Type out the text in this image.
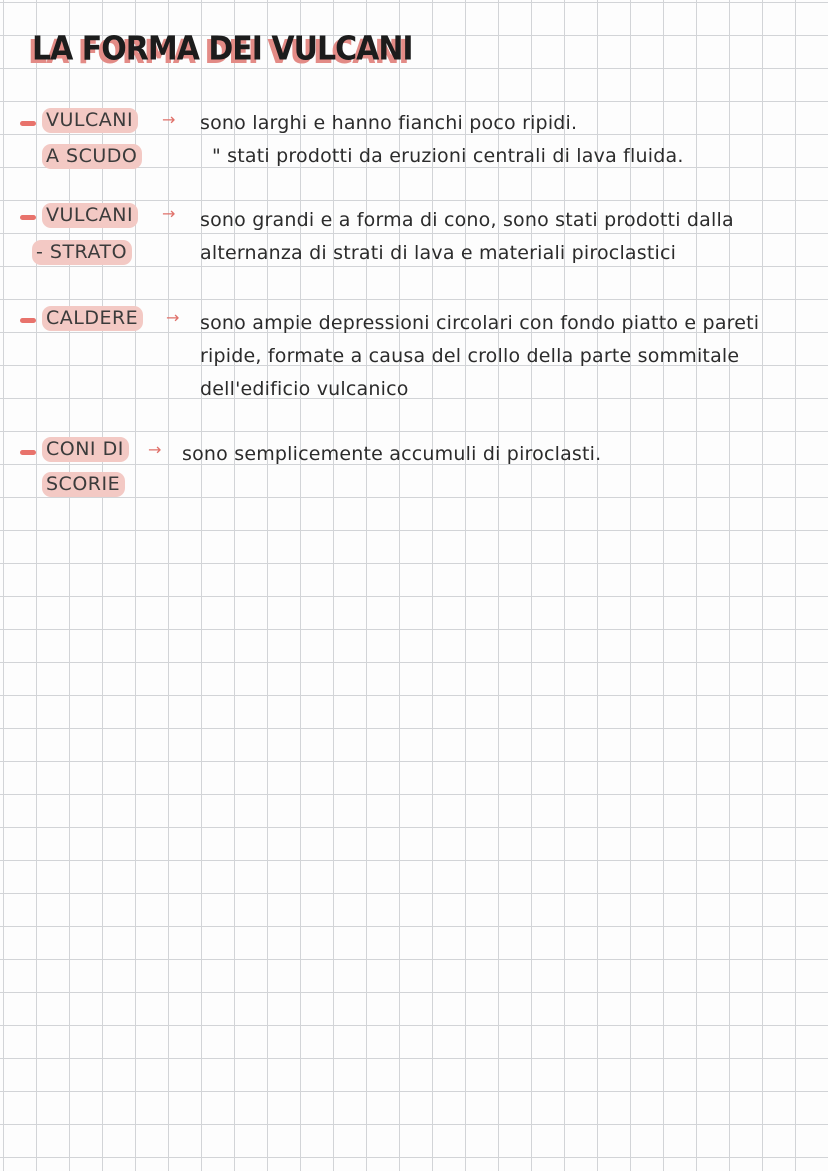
LA FORMA DEI VULCANI
VULCANI
A SCUDO
→ sono larghi e hanno fianchi poco ripidi.
" stati prodotti da eruzioni centrali di lava fluida.
VULCANI
- STRATO
→ sono grandi e a forma di cono, sono stati prodotti dalla
alternanza di strati di lava e materiali piroclastici
CALDERE	→ sono ampie depressioni circolari con fondo piatto e pareti
ripide, formate a causa del crollo della parte sommitale
dell'edificio vulcanico
CONI DI
SCORIE
→ sono semplicemente accumuli di piroclasti.
